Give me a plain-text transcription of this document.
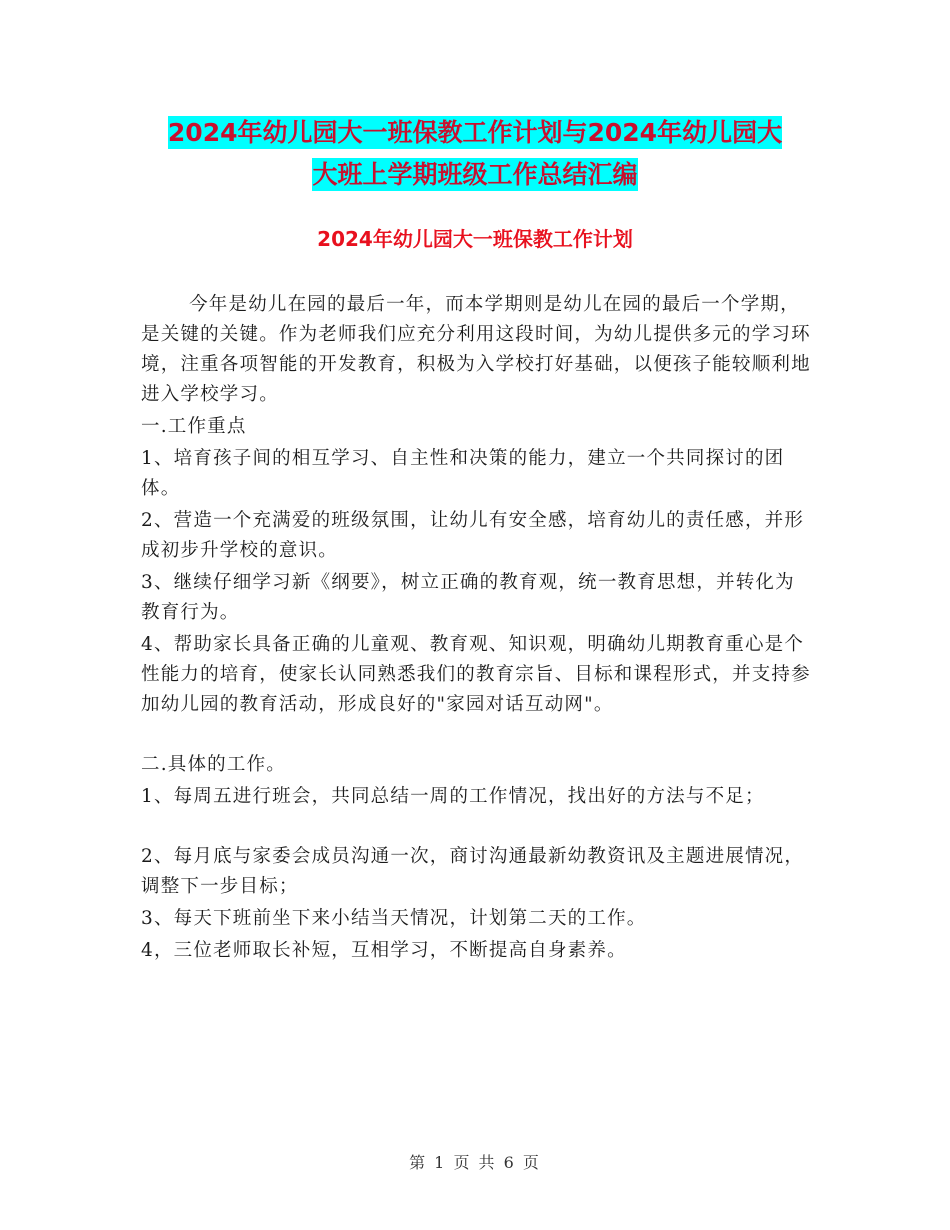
2024年幼儿园大一班保教工作计划与2024年幼儿园大
大班上学期班级工作总结汇编
2024年幼儿园大一班保教工作计划

今年是幼儿在园的最后一年，而本学期则是幼儿在园的最后一个学期，是关键的关键。作为老师我们应充分利用这段时间，为幼儿提供多元的学习环境，注重各项智能的开发教育，积极为入学校打好基础，以便孩子能较顺利地进入学校学习。

一.工作重点

1、培育孩子间的相互学习、自主性和决策的能力，建立一个共同探讨的团体。

2、营造一个充满爱的班级氛围，让幼儿有安全感，培育幼儿的责任感，并形成初步升学校的意识。

3、继续仔细学习新《纲要》，树立正确的教育观，统一教育思想，并转化为教育行为。

4、帮助家长具备正确的儿童观、教育观、知识观，明确幼儿期教育重心是个性能力的培育，使家长认同熟悉我们的教育宗旨、目标和课程形式，并支持参加幼儿园的教育活动，形成良好的"家园对话互动网"。

二.具体的工作。

1、每周五进行班会，共同总结一周的工作情况，找出好的方法与不足；

2、每月底与家委会成员沟通一次，商讨沟通最新幼教资讯及主题进展情况，调整下一步目标；

3、每天下班前坐下来小结当天情况，计划第二天的工作。

4，三位老师取长补短，互相学习，不断提高自身素养。

第 1 页 共 6 页
